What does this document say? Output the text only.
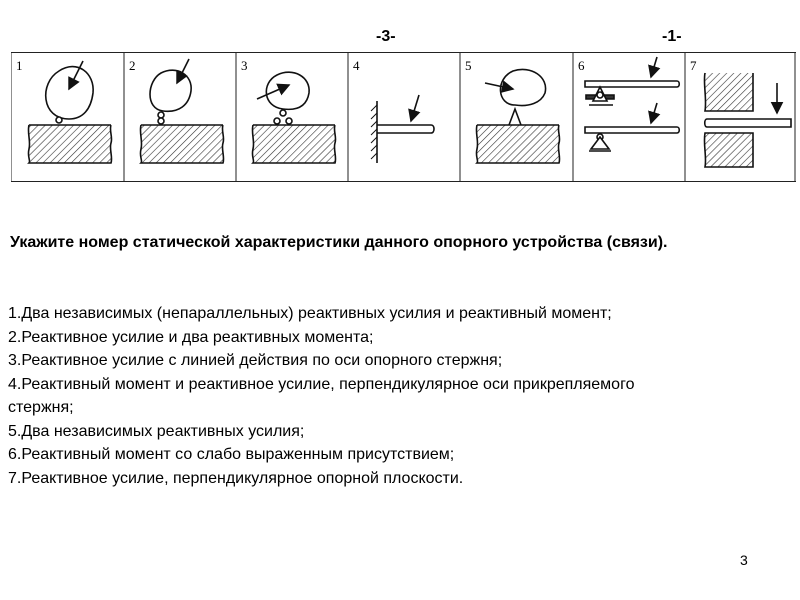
-3-	-1-
1	2	3	4	5	6	7
Укажите номер статической характеристики данного опорного устройства (связи).
1.Два независимых (непараллельных) реактивных усилия и реактивный момент;
2.Реактивное усилие и два реактивных момента;
3.Реактивное усилие с линией действия по оси опорного стержня;
4.Реактивный момент и реактивное усилие, перпендикулярное оси прикрепляемого стержня;
5.Два независимых реактивных усилия;
6.Реактивный момент со слабо выраженным присутствием;
7.Реактивное усилие, перпендикулярное опорной плоскости.
3
